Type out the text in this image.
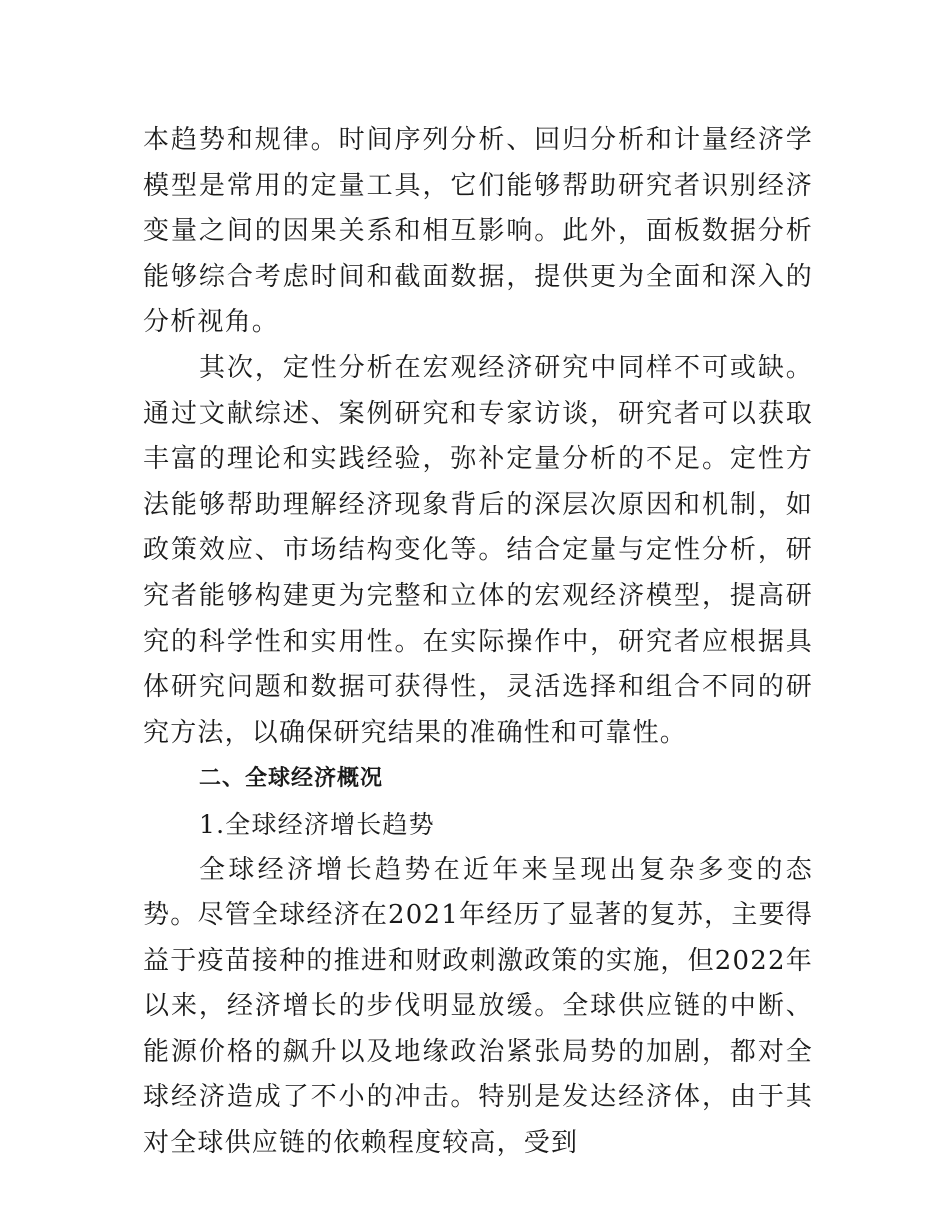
本趋势和规律。时间序列分析、回归分析和计量经济学模型是常用的定量工具，它们能够帮助研究者识别经济变量之间的因果关系和相互影响。此外，面板数据分析能够综合考虑时间和截面数据，提供更为全面和深入的分析视角。

其次，定性分析在宏观经济研究中同样不可或缺。通过文献综述、案例研究和专家访谈，研究者可以获取丰富的理论和实践经验，弥补定量分析的不足。定性方法能够帮助理解经济现象背后的深层次原因和机制，如政策效应、市场结构变化等。结合定量与定性分析，研究者能够构建更为完整和立体的宏观经济模型，提高研究的科学性和实用性。在实际操作中，研究者应根据具体研究问题和数据可获得性，灵活选择和组合不同的研究方法，以确保研究结果的准确性和可靠性。

二、全球经济概况

1.全球经济增长趋势

全球经济增长趋势在近年来呈现出复杂多变的态势。尽管全球经济在2021年经历了显著的复苏，主要得益于疫苗接种的推进和财政刺激政策的实施，但2022年以来，经济增长的步伐明显放缓。全球供应链的中断、能源价格的飙升以及地缘政治紧张局势的加剧，都对全球经济造成了不小的冲击。特别是发达经济体，由于其对全球供应链的依赖程度较高，受到
